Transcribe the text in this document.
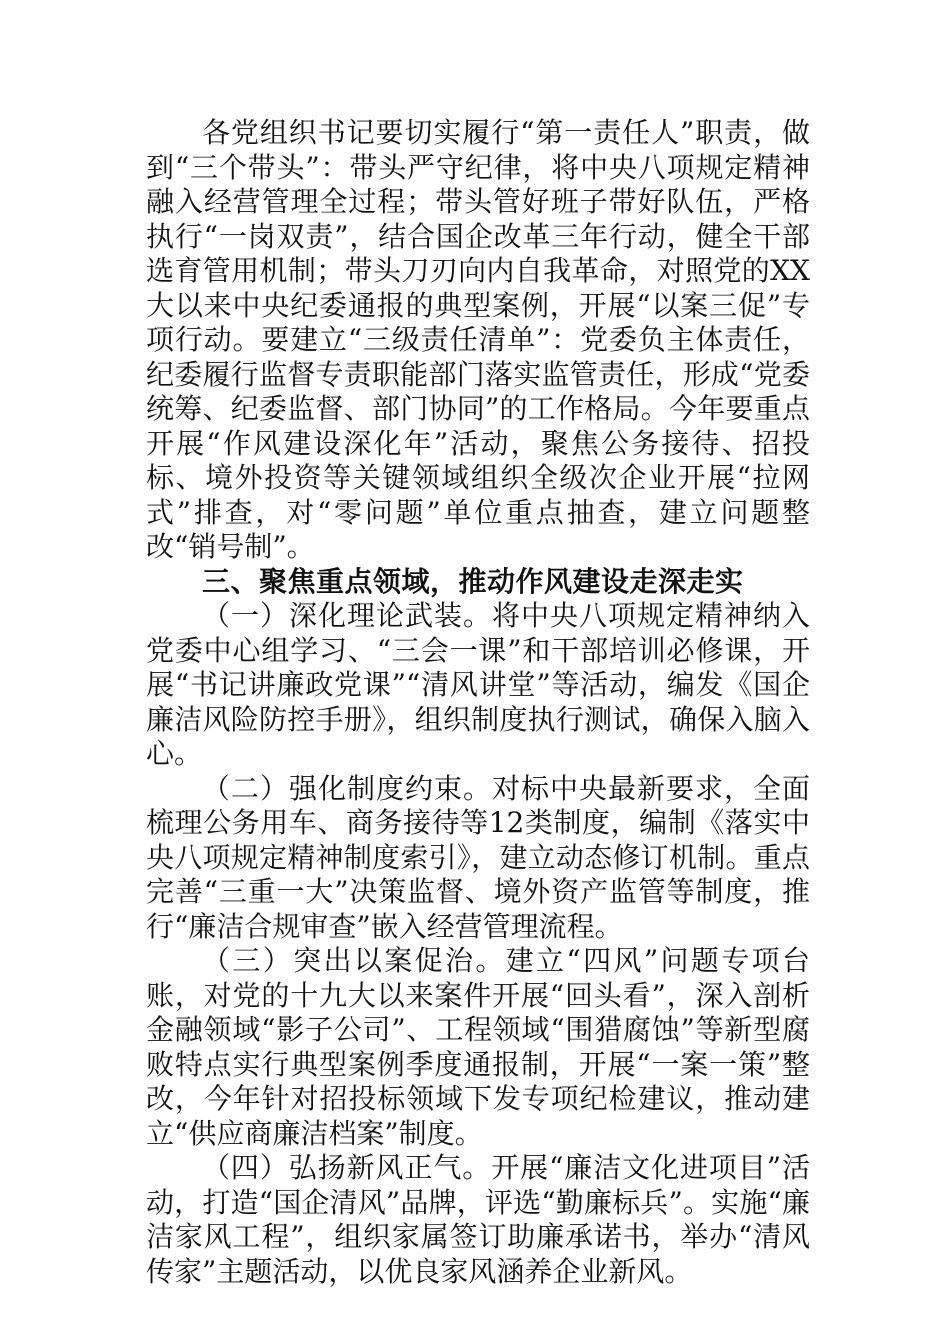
各党组织书记要切实履行“第一责任人”职责，做到“三个带头”：带头严守纪律，将中央八项规定精神融入经营管理全过程；带头管好班子带好队伍，严格执行“一岗双责”，结合国企改革三年行动，健全干部选育管用机制；带头刀刃向内自我革命，对照党的XX大以来中央纪委通报的典型案例，开展“以案三促”专项行动。要建立“三级责任清单”：党委负主体责任，纪委履行监督专责职能部门落实监管责任，形成“党委统筹、纪委监督、部门协同”的工作格局。今年要重点开展“作风建设深化年”活动，聚焦公务接待、招投标、境外投资等关键领域组织全级次企业开展“拉网式”排查，对“零问题”单位重点抽查，建立问题整改“销号制”。

三、聚焦重点领域，推动作风建设走深走实

（一）深化理论武装。将中央八项规定精神纳入党委中心组学习、“三会一课”和干部培训必修课，开展“书记讲廉政党课”“清风讲堂”等活动，编发《国企廉洁风险防控手册》，组织制度执行测试，确保入脑入心。

（二）强化制度约束。对标中央最新要求，全面梳理公务用车、商务接待等12类制度，编制《落实中央八项规定精神制度索引》，建立动态修订机制。重点完善“三重一大”决策监督、境外资产监管等制度，推行“廉洁合规审查”嵌入经营管理流程。

（三）突出以案促治。建立“四风”问题专项台账，对党的十九大以来案件开展“回头看”，深入剖析金融领域“影子公司”、工程领域“围猎腐蚀”等新型腐败特点实行典型案例季度通报制，开展“一案一策”整改，今年针对招投标领域下发专项纪检建议，推动建立“供应商廉洁档案”制度。

（四）弘扬新风正气。开展“廉洁文化进项目”活动，打造“国企清风”品牌，评选“勤廉标兵”。实施“廉洁家风工程”，组织家属签订助廉承诺书，举办“清风传家”主题活动，以优良家风涵养企业新风。
